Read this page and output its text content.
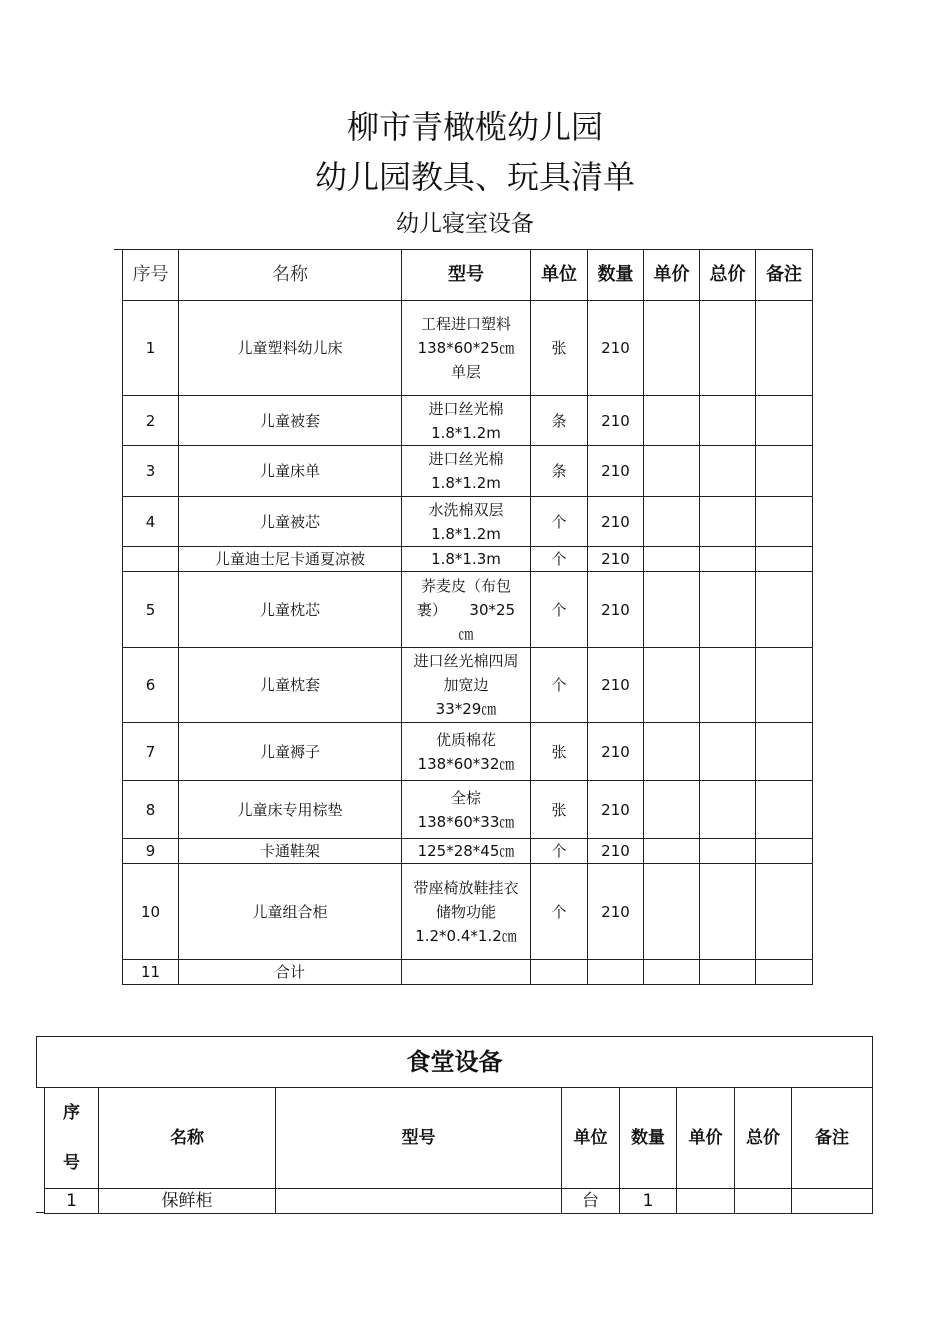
柳市青橄榄幼儿园
幼儿园教具、玩具清单
幼儿寝室设备
序号	名称	型号	单位	数量	单价	总价	备注
1	儿童塑料幼儿床	工程进口塑料
138*60*25㎝
单层	张	210			
2	儿童被套	进口丝光棉
1.8*1.2m	条	210			
3	儿童床单	进口丝光棉
1.8*1.2m	条	210			
4	儿童被芯	水洗棉双层
1.8*1.2m	个	210			
	儿童迪士尼卡通夏凉被	1.8*1.3m	个	210			
5	儿童枕芯	荞麦皮（布包
裹）　　30*25
㎝	个	210			
6	儿童枕套	进口丝光棉四周
加宽边
33*29㎝	个	210			
7	儿童褥子	优质棉花
138*60*32㎝	张	210			
8	儿童床专用棕垫	全棕
138*60*33㎝	张	210			
9	卡通鞋架	125*28*45㎝	个	210			
10	儿童组合柜	带座椅放鞋挂衣
储物功能
1.2*0.4*1.2㎝	个	210			
11	合计						
食堂设备
序
号	名称	型号	单位	数量	单价	总价	备注
1	保鲜柜		台	1			
